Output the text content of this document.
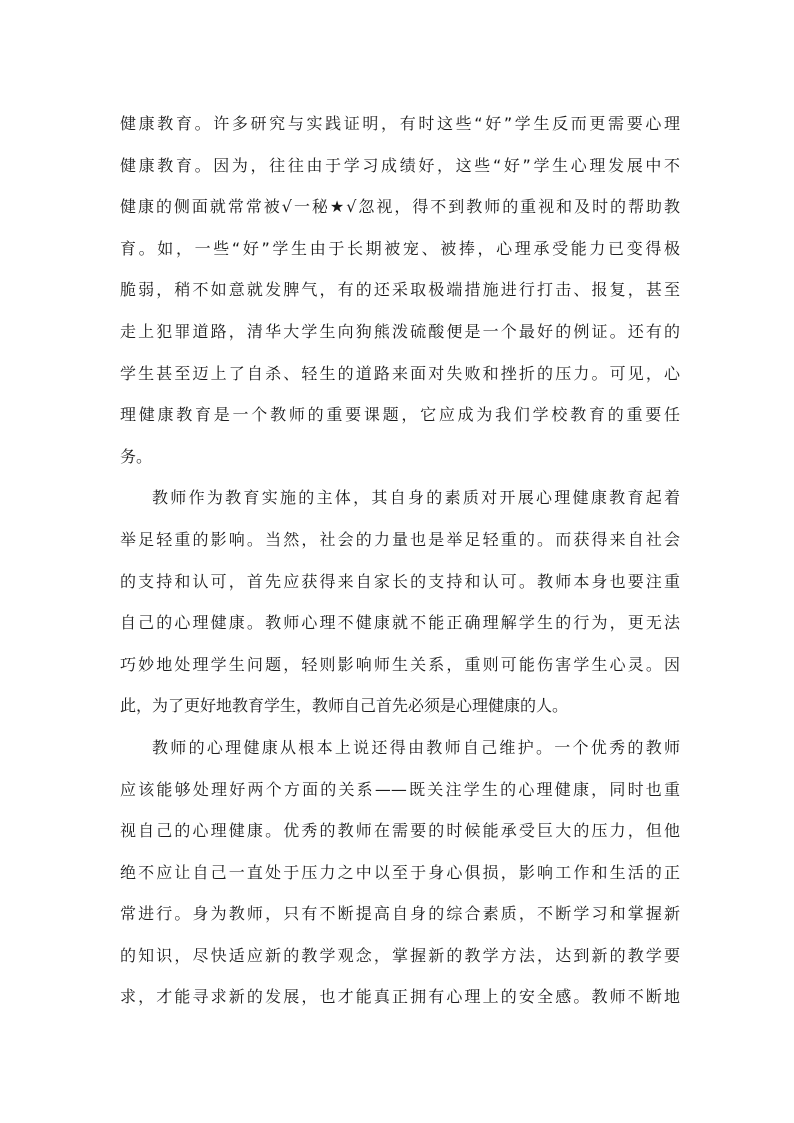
健康教育。许多研究与实践证明，有时这些“好”学生反而更需要心理
健康教育。因为，往往由于学习成绩好，这些“好”学生心理发展中不
健康的侧面就常常被√一秘★√忽视，得不到教师的重视和及时的帮助教
育。如，一些“好”学生由于长期被宠、被捧，心理承受能力已变得极
脆弱，稍不如意就发脾气，有的还采取极端措施进行打击、报复，甚至
走上犯罪道路，清华大学生向狗熊泼硫酸便是一个最好的例证。还有的
学生甚至迈上了自杀、轻生的道路来面对失败和挫折的压力。可见，心
理健康教育是一个教师的重要课题，它应成为我们学校教育的重要任
务。
教师作为教育实施的主体，其自身的素质对开展心理健康教育起着
举足轻重的影响。当然，社会的力量也是举足轻重的。而获得来自社会
的支持和认可，首先应获得来自家长的支持和认可。教师本身也要注重
自己的心理健康。教师心理不健康就不能正确理解学生的行为，更无法
巧妙地处理学生问题，轻则影响师生关系，重则可能伤害学生心灵。因
此，为了更好地教育学生，教师自己首先必须是心理健康的人。
教师的心理健康从根本上说还得由教师自己维护。一个优秀的教师
应该能够处理好两个方面的关系——既关注学生的心理健康，同时也重
视自己的心理健康。优秀的教师在需要的时候能承受巨大的压力，但他
绝不应让自己一直处于压力之中以至于身心俱损，影响工作和生活的正
常进行。身为教师，只有不断提高自身的综合素质，不断学习和掌握新
的知识，尽快适应新的教学观念，掌握新的教学方法，达到新的教学要
求，才能寻求新的发展，也才能真正拥有心理上的安全感。教师不断地
